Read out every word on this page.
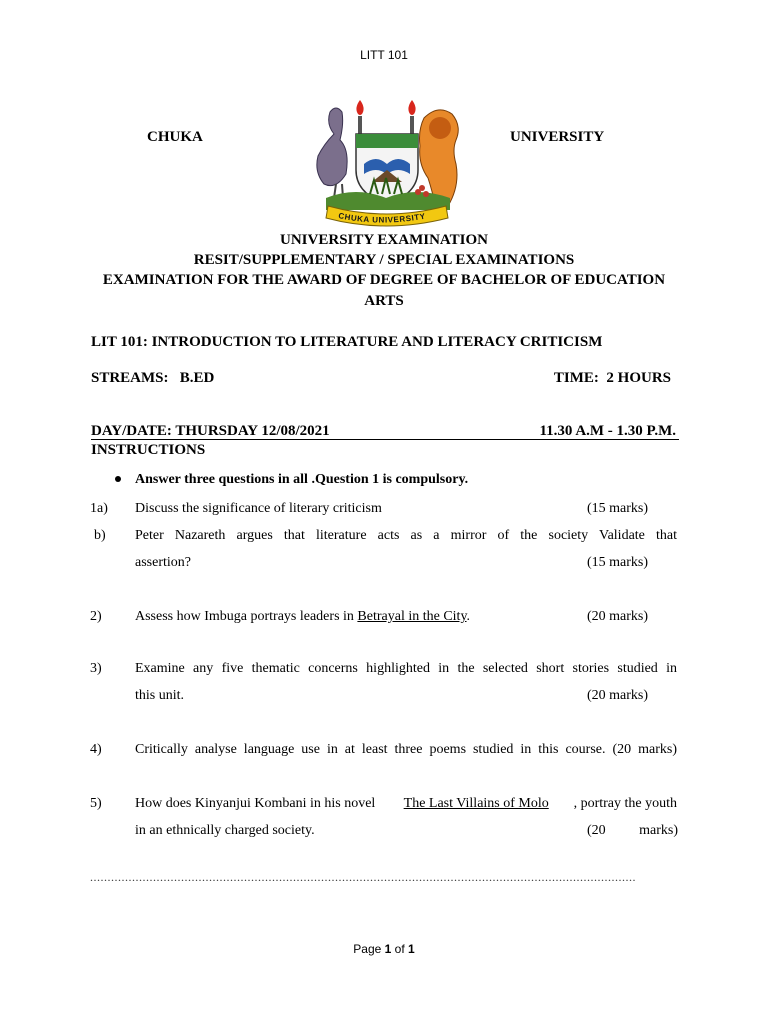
LITT 101
CHUKA	UNIVERSITY
CHUKA UNIVERSITY
UNIVERSITY EXAMINATION
RESIT/SUPPLEMENTARY / SPECIAL EXAMINATIONS
EXAMINATION FOR THE AWARD OF DEGREE OF BACHELOR OF EDUCATION
ARTS
LIT 101: INTRODUCTION TO LITERATURE AND LITERACY CRITICISM
STREAMS:   B.ED	TIME:  2 HOURS
DAY/DATE: THURSDAY 12/08/2021	11.30 A.M - 1.30 P.M.
INSTRUCTIONS
Answer three questions in all .Question 1 is compulsory.
1a)	Discuss the significance of literary criticism	(15 marks)
b)	Peter Nazareth argues that literature acts as a mirror of the society Validate that
assertion?	(15 marks)
2)	Assess how Imbuga portrays leaders in Betrayal in the City.	(20 marks)
3)	Examine any five thematic concerns highlighted in the selected short stories studied in
this unit.	(20 marks)
4)	Critically analyse language use in at least three poems studied in this course. (20 marks)
5)	How does Kinyanjui Kombani in his novel The Last Villains of Molo , portray the youth
in an ethnically charged society.	(20 marks)
............................................................................................................................................................
Page 1 of 1
